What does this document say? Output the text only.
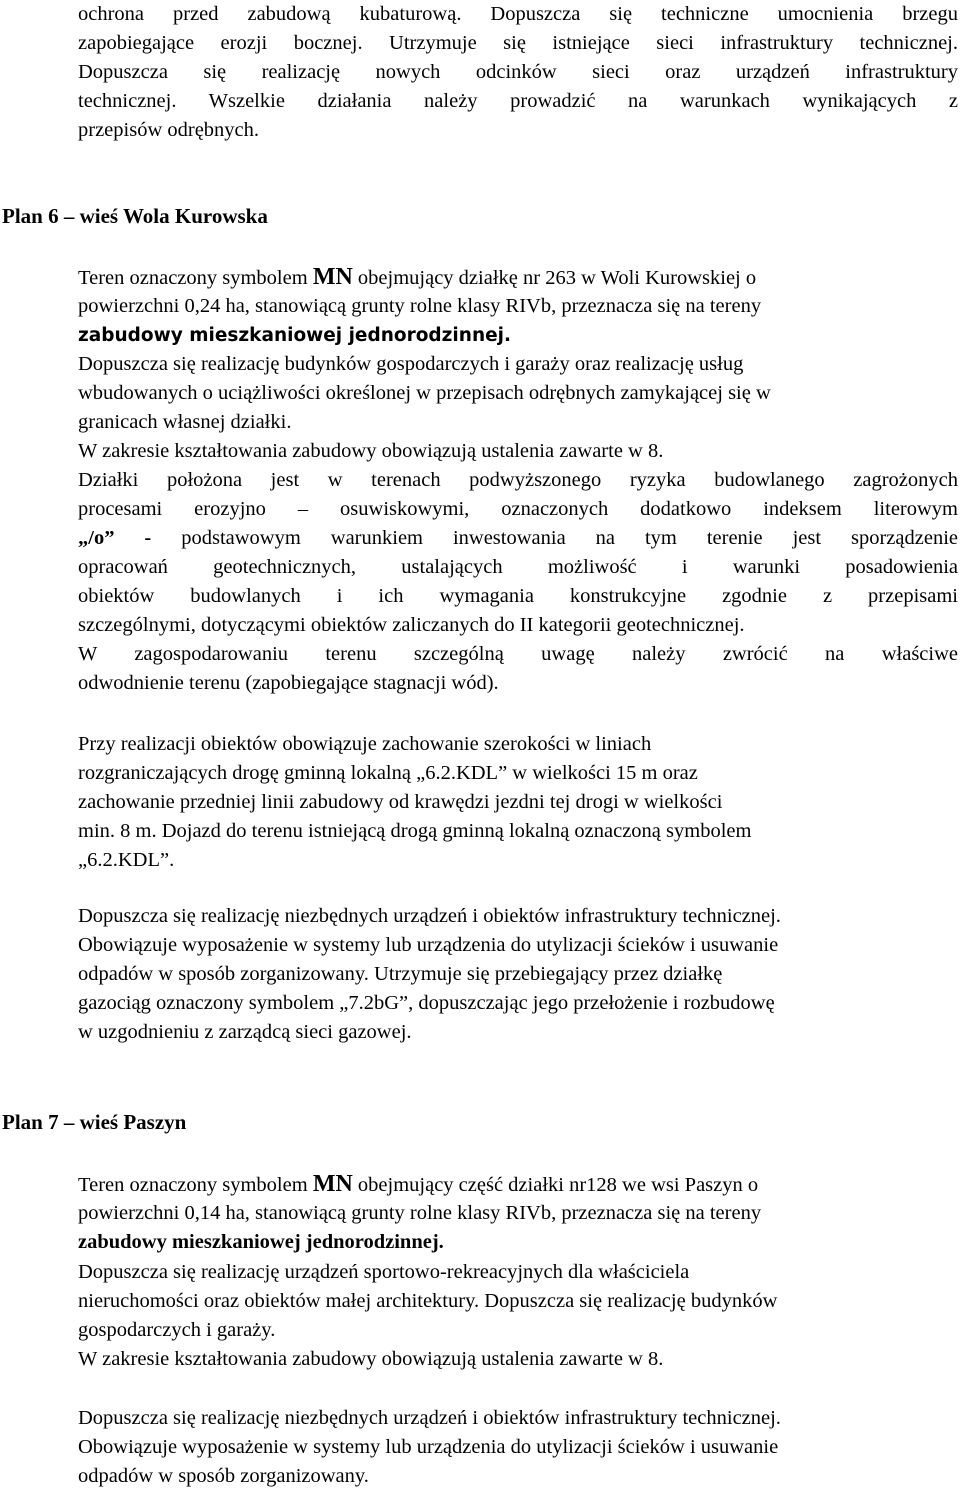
ochrona przed zabudową kubaturową. Dopuszcza się techniczne umocnienia brzegu
zapobiegające erozji bocznej. Utrzymuje się istniejące sieci infrastruktury technicznej.
Dopuszcza się realizację nowych odcinków sieci oraz urządzeń infrastruktury
technicznej. Wszelkie działania należy prowadzić na warunkach wynikających z
przepisów odrębnych.
Plan 6 – wieś Wola Kurowska
Teren oznaczony symbolem MN obejmujący działkę nr 263 w Woli Kurowskiej o
powierzchni 0,24 ha, stanowiącą grunty rolne klasy RIVb, przeznacza się na tereny
zabudowy mieszkaniowej jednorodzinnej.
Dopuszcza się realizację budynków gospodarczych i garaży oraz realizację usług
wbudowanych o uciążliwości określonej w przepisach odrębnych zamykającej się w
granicach własnej działki.
W zakresie kształtowania zabudowy obowiązują ustalenia zawarte w 8.
Działki położona jest w terenach podwyższonego ryzyka budowlanego zagrożonych
procesami erozyjno – osuwiskowymi, oznaczonych dodatkowo indeksem literowym
„/o” - podstawowym warunkiem inwestowania na tym terenie jest sporządzenie
opracowań geotechnicznych, ustalających możliwość i warunki posadowienia
obiektów budowlanych i ich wymagania konstrukcyjne zgodnie z przepisami
szczególnymi, dotyczącymi obiektów zaliczanych do II kategorii geotechnicznej.
W zagospodarowaniu terenu szczególną uwagę należy zwrócić na właściwe
odwodnienie terenu (zapobiegające stagnacji wód).
Przy realizacji obiektów obowiązuje zachowanie szerokości w liniach
rozgraniczających drogę gminną lokalną „6.2.KDL” w wielkości 15 m oraz
zachowanie przedniej linii zabudowy od krawędzi jezdni tej drogi w wielkości
min. 8 m. Dojazd do terenu istniejącą drogą gminną lokalną oznaczoną symbolem
„6.2.KDL”.
Dopuszcza się realizację niezbędnych urządzeń i obiektów infrastruktury technicznej.
Obowiązuje wyposażenie w systemy lub urządzenia do utylizacji ścieków i usuwanie
odpadów w sposób zorganizowany. Utrzymuje się przebiegający przez działkę
gazociąg oznaczony symbolem „7.2bG”, dopuszczając jego przełożenie i rozbudowę
w uzgodnieniu z zarządcą sieci gazowej.
Plan 7 – wieś Paszyn
Teren oznaczony symbolem MN obejmujący część działki nr128 we wsi Paszyn o
powierzchni 0,14 ha, stanowiącą grunty rolne klasy RIVb, przeznacza się na tereny
zabudowy mieszkaniowej jednorodzinnej.
Dopuszcza się realizację urządzeń sportowo-rekreacyjnych dla właściciela
nieruchomości oraz obiektów małej architektury. Dopuszcza się realizację budynków
gospodarczych i garaży.
W zakresie kształtowania zabudowy obowiązują ustalenia zawarte w 8.
Dopuszcza się realizację niezbędnych urządzeń i obiektów infrastruktury technicznej.
Obowiązuje wyposażenie w systemy lub urządzenia do utylizacji ścieków i usuwanie
odpadów w sposób zorganizowany.
